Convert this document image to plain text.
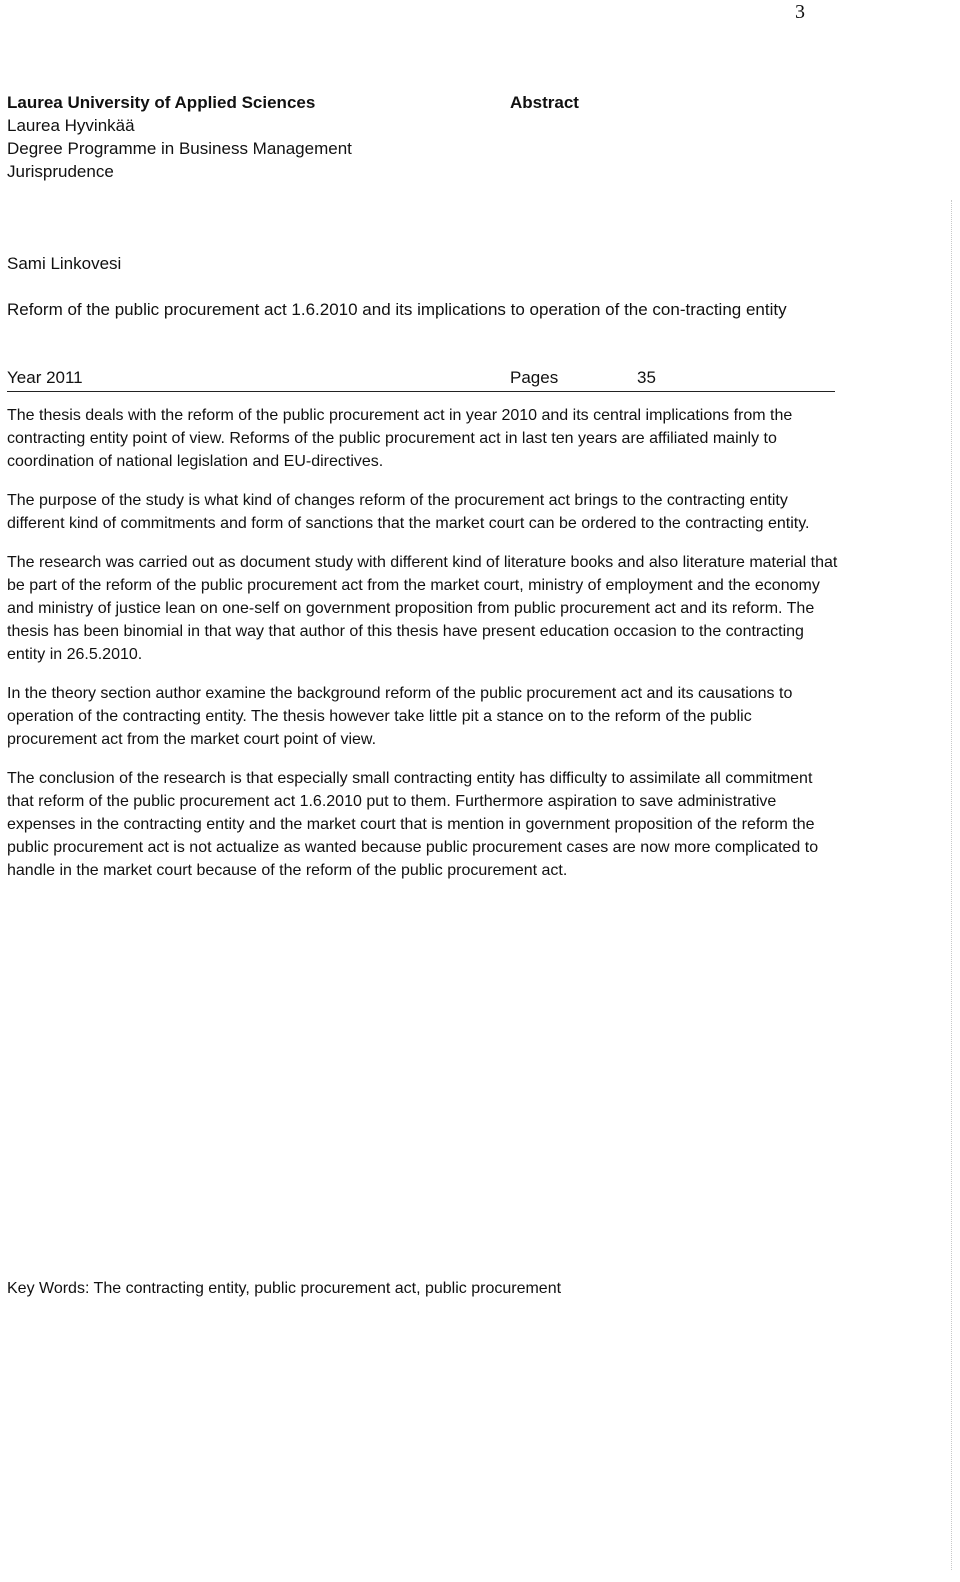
3
Laurea University of Applied Sciences
Laurea Hyvinkää
Degree Programme in Business Management
Jurisprudence
Abstract
Sami Linkovesi
Reform of the public procurement act 1.6.2010 and its implications to operation of the con-tracting entity
Year 2011	Pages	35

The thesis deals with the reform of the public procurement act in year 2010 and its central implications from the contracting entity point of view. Reforms of the public procurement act in last ten years are affiliated mainly to coordination of national legislation and EU-directives.

The purpose of the study is what kind of changes reform of the procurement act brings to the contracting entity different kind of commitments and form of sanctions that the market court can be ordered to the contracting entity.

The research was carried out as document study with different kind of literature books and also literature material that be part of the reform of the public procurement act from the market court, ministry of employment and the economy and ministry of justice lean on one-self on government proposition from public procurement act and its reform. The thesis has been binomial in that way that author of this thesis have present education occasion to the contracting entity in 26.5.2010.

In the theory section author examine the background reform of the public procurement act and its causations to operation of the contracting entity. The thesis however take little pit a stance on to the reform of the public procurement act from the market court point of view.

The conclusion of the research is that especially small contracting entity has difficulty to assimilate all commitment that reform of the public procurement act 1.6.2010 put to them. Furthermore aspiration to save administrative expenses in the contracting entity and the market court that is mention in government proposition of the reform the public procurement act is not actualize as wanted because public procurement cases are now more complicated to handle in the market court because of the reform of the public procurement act.

Key Words: The contracting entity, public procurement act, public procurement
